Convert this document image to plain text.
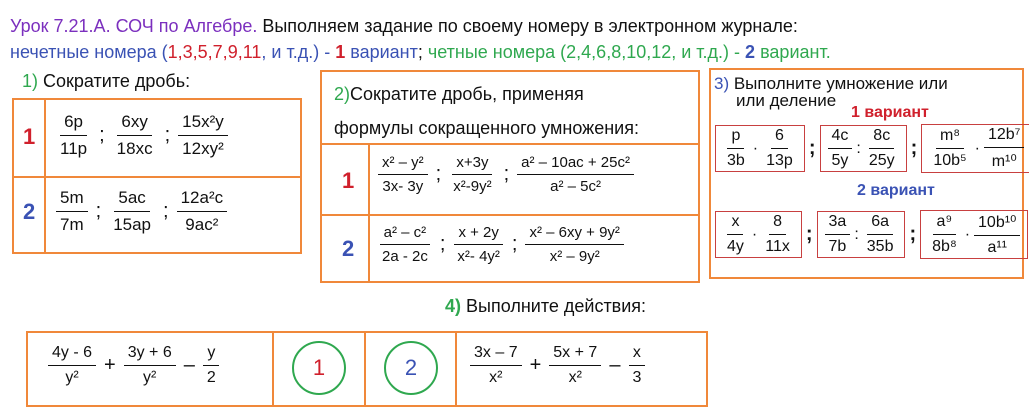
Урок 7.21.А. СОЧ по Алгебре. Выполняем задание по своему номеру в электронном журнале:
нечетные номера (1,3,5,7,9,11, и т.д.) - 1 вариант; четные номера (2,4,6,8,10,12, и т.д.) - 2 вариант.
1) Сократите дробь:
$1 \frac{6p}{11p}$ ; $\frac{6xy}{18xc}$ ; $\frac{\text{15x²y}}{\text{12xy²}}$
$2 \frac{5m}{7m}$ ; $\frac{5ac}{15ap}$ ; $\frac{\text{12a²c}}{\text{9ac²}}$
2)Сократите дробь, применяя
формулы сокращенного умножения:
$1 \frac{\text{x² – y²}}{3x- 3y}$ ; $\frac{x+3y}{\text{x²-9y²}}$ ; $\frac{\text{a² – 10ac + 25c²}}{\text{a² – 5c²}}$
$2 \frac{\text{a² – c²}}{2a - 2c}$ ; $\frac{x + 2y}{\text{x²- 4y²}}$ ; $\frac{\text{x² – 6xy + 9y²}}{\text{x² – 9y²}}$
3) Выполните умножение или
или деление
1 вариант
$\frac{p}{3b} \cdot \frac{6}{13p}$ ; $\frac{4c}{5y}$ : $\frac{8c}{25y}$ ; $\frac{\text{m⁸}}{\text{10b⁵}} \cdot \frac{\text{12b⁷}}{\text{m¹⁰}}$
2 вариант
$\frac{x}{4y} \cdot \frac{8}{11x}$ ; $\frac{3a}{7b}$ : $\frac{6a}{35b}$ ; $\frac{\text{a⁹}}{\text{8b⁸}} \cdot \frac{\text{10b¹⁰}}{\text{a¹¹}}$
4) Выполните действия:
$\frac{4y - 6}{\text{y²}} + \frac{3y + 6}{\text{y²}} - \frac{y}{2}$	1	2	$\frac{3x - 7}{\text{x²}} + \frac{5x + 7}{\text{x²}} - \frac{x}{3}$
